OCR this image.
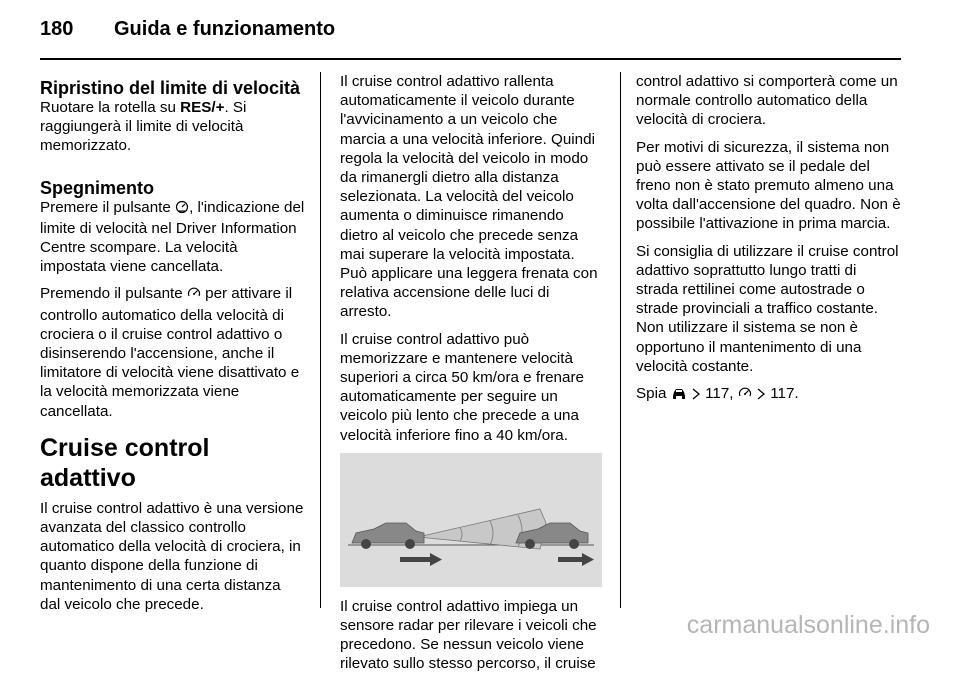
180 Guida e funzionamento
Ripristino del limite di velocità

Ruotare la rotella su RES/+. Si raggiungerà il limite di velocità memorizzato.

Spegnimento

Premere il pulsante , l'indicazione del limite di velocità nel Driver Information Centre scompare. La velocità impostata viene cancellata.

Premendo il pulsante  per attivare il controllo automatico della velocità di crociera o il cruise control adattivo o disinserendo l'accensione, anche il limitatore di velocità viene disattivato e la velocità memorizzata viene cancellata.

Cruise control adattivo

Il cruise control adattivo è una versione avanzata del classico controllo automatico della velocità di crociera, in quanto dispone della funzione di mantenimento di una certa distanza dal veicolo che precede.

Il cruise control adattivo rallenta automaticamente il veicolo durante l'avvicinamento a un veicolo che marcia a una velocità inferiore. Quindi regola la velocità del veicolo in modo da rimanergli dietro alla distanza selezionata. La velocità del veicolo aumenta o diminuisce rimanendo dietro al veicolo che precede senza mai superare la velocità impostata. Può applicare una leggera frenata con relativa accensione delle luci di arresto.

Il cruise control adattivo può memorizzare e mantenere velocità superiori a circa 50 km/ora e frenare automaticamente per seguire un veicolo più lento che precede a una velocità inferiore fino a 40 km/ora.

Il cruise control adattivo impiega un sensore radar per rilevare i veicoli che precedono. Se nessun veicolo viene rilevato sullo stesso percorso, il cruise

control adattivo si comporterà come un normale controllo automatico della velocità di crociera.

Per motivi di sicurezza, il sistema non può essere attivato se il pedale del freno non è stato premuto almeno una volta dall'accensione del quadro. Non è possibile l'attivazione in prima marcia.

Si consiglia di utilizzare il cruise control adattivo soprattutto lungo tratti di strada rettilinei come autostrade o strade provinciali a traffico costante. Non utilizzare il sistema se non è opportuno il mantenimento di una velocità costante.

Spia   117,   117.

carmanualsonline.info
